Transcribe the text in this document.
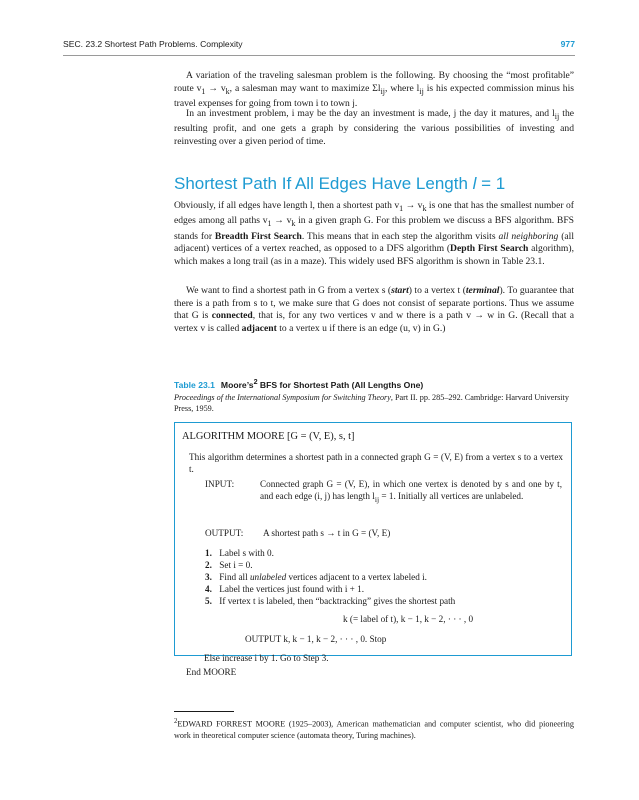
SEC. 23.2 Shortest Path Problems. Complexity	977

A variation of the traveling salesman problem is the following. By choosing the “most profitable” route $v_1 \to v_k$, a salesman may want to maximize $\Sigma l_{ij}$, where $l_{ij}$ is his expected commission minus his travel expenses for going from town i to town j.

In an investment problem, i may be the day an investment is made, j the day it matures, and $l_{ij}$ the resulting profit, and one gets a graph by considering the various possibilities of investing and reinvesting over a given period of time.

Shortest Path If All Edges Have Length l = 1

Obviously, if all edges have length l, then a shortest path $v_1 \to v_k$ is one that has the smallest number of edges among all paths $v_1 \to v_k$ in a given graph G. For this problem we discuss a BFS algorithm. BFS stands for Breadth First Search. This means that in each step the algorithm visits all neighboring (all adjacent) vertices of a vertex reached, as opposed to a DFS algorithm (Depth First Search algorithm), which makes a long trail (as in a maze). This widely used BFS algorithm is shown in Table 23.1.

We want to find a shortest path in G from a vertex s (start) to a vertex t (terminal). To guarantee that there is a path from s to t, we make sure that G does not consist of separate portions. Thus we assume that G is connected, that is, for any two vertices v and w there is a path v → w in G. (Recall that a vertex v is called adjacent to a vertex u if there is an edge (u, v) in G.)

Table 23.1 $Moore’s^2$ BFS for Shortest Path (All Lengths One)

Proceedings of the International Symposium for Switching Theory, Part II. pp. 285–292. Cambridge: Harvard University Press, 1959.

ALGORITHM MOORE [G = (V, E), s, t]

This algorithm determines a shortest path in a connected graph G = (V, E) from a vertex s to a vertex t.

INPUT:	Connected graph G = (V, E), in which one vertex is denoted by s and one by t, and each edge (i, j) has length $l_{ij} = 1$. Initially all vertices are unlabeled.

OUTPUT: A shortest path s → t in G = (V, E)

1. Label s with 0.
2. Set i = 0.
3. Find all unlabeled vertices adjacent to a vertex labeled i.
4. Label the vertices just found with i + 1.
5. If vertex t is labeled, then “backtracking” gives the shortest path

k (= label of t), k − 1, k − 2, · · · , 0

OUTPUT k, k − 1, k − 2, · · · , 0. Stop

Else increase i by 1. Go to Step 3.

End MOORE

$^2$EDWARD FORREST MOORE (1925–2003), American mathematician and computer scientist, who did pioneering work in theoretical computer science (automata theory, Turing machines).
